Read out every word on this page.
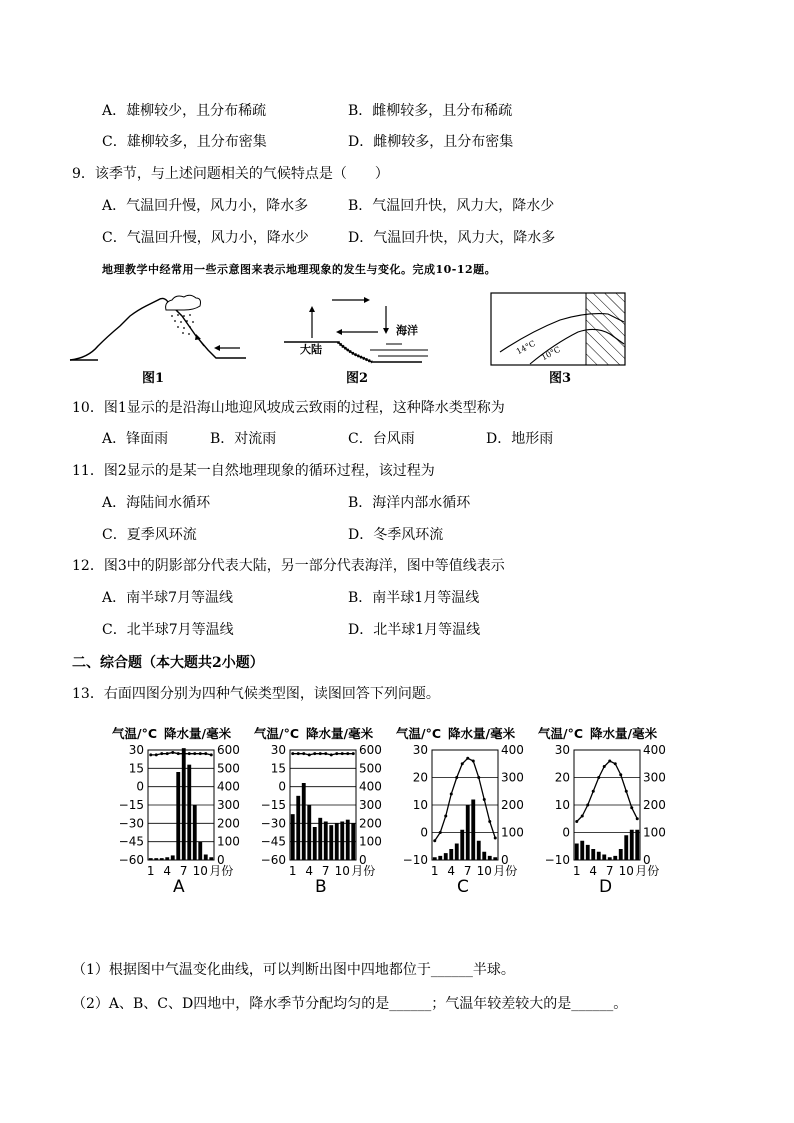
A．雄柳较少，且分布稀疏	B．雌柳较多，且分布稀疏
C．雄柳较多，且分布密集	D．雌柳较多，且分布密集
9．该季节，与上述问题相关的气候特点是（　　）
A．气温回升慢，风力小，降水多	B．气温回升快，风力大，降水少
C．气温回升慢，风力小，降水少	D．气温回升快，风力大，降水多
地理教学中经常用一些示意图来表示地理现象的发生与变化。完成10-12题。
图1
大陆
海洋
图2
14°C 10°C
图3
10．图1显示的是沿海山地迎风坡成云致雨的过程，这种降水类型称为
A．锋面雨	B．对流雨	C．台风雨	D．地形雨
11．图2显示的是某一自然地理现象的循环过程，该过程为
A．海陆间水循环	B．海洋内部水循环
C．夏季风环流	D．冬季风环流
12．图3中的阴影部分代表大陆，另一部分代表海洋，图中等值线表示
A．南半球7月等温线	B．南半球1月等温线
C．北半球7月等温线	D．北半球1月等温线
二、综合题（本大题共2小题）
13．右面四图分别为四种气候类型图，读图回答下列问题。
气温/°C 降水量/毫米
30
15
0
−15
−30
−45
−60
600
500
400
300
200
100
0
1 4 7 10 月份
A
气温/°C 降水量/毫米
30
15
0
−15
−30
−45
−60
600
500
400
300
200
100
0
1 4 7 10 月份
B
气温/°C 降水量/毫米
30
20
10
0
−10
400
300
200
100
0
1 4 7 10 月份
C
气温/°C 降水量/毫米
30
20
10
0
−10
400
300
200
100
0
1 4 7 10 月份
D
（1）根据图中气温变化曲线，可以判断出图中四地都位于______半球。
（2）A、B、C、D四地中，降水季节分配均匀的是______；气温年较差较大的是______。
